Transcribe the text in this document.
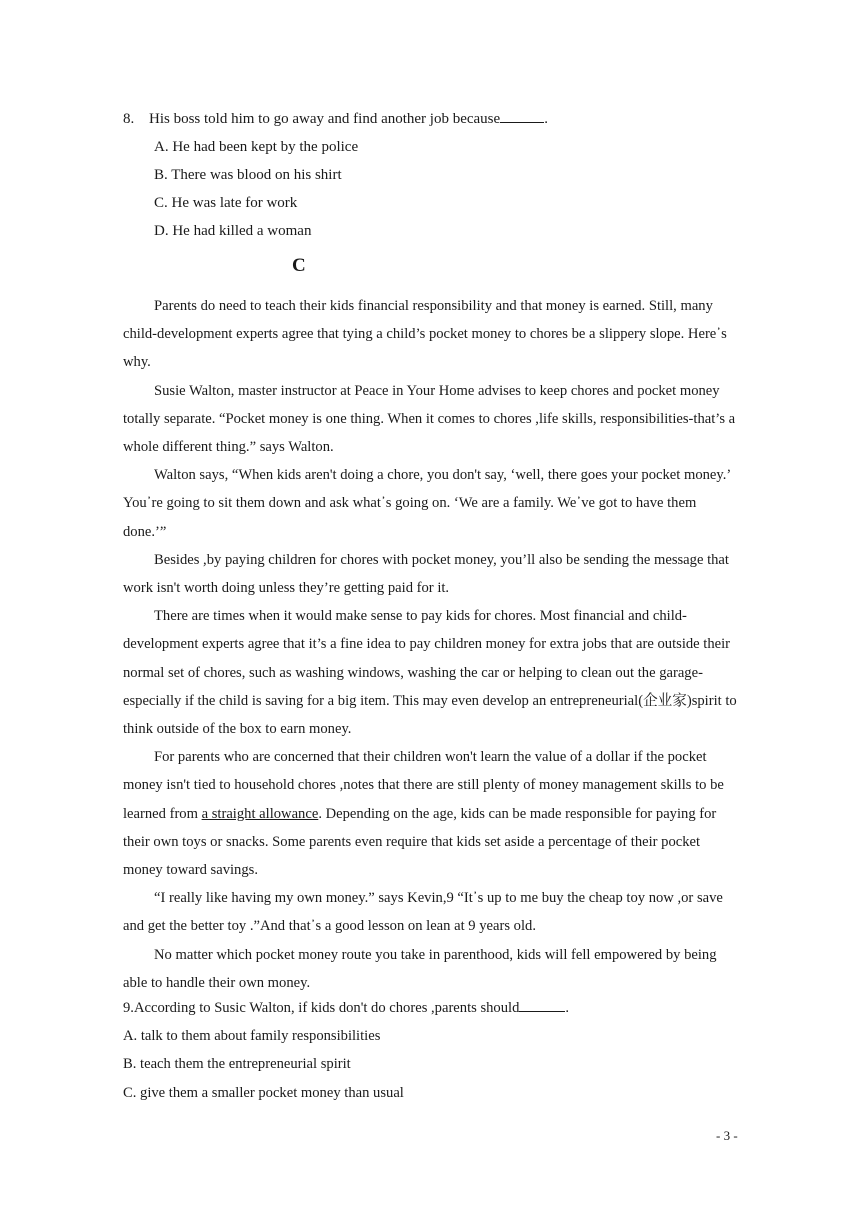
8. His boss told him to go away and find another job because	.
A. He had been kept by the police
B. There was blood on his shirt
C. He was late for work
D. He had killed a woman
C

Parents do need to teach their kids financial responsibility and that money is earned. Still, many child-development experts agree that tying a child’s pocket money to chores be a slippery slope. Here᾿s why.

Susie Walton, master instructor at Peace in Your Home advises to keep chores and pocket money totally separate. “Pocket money is one thing. When it comes to chores ,life skills, responsibilities-that’s a whole different thing.” says Walton.

Walton says, “When kids aren't doing a chore, you don't say, ‘well, there goes your pocket money.’ You᾿re going to sit them down and ask what᾿s going on. ‘We are a family. We᾿ve got to have them done.’”

Besides ,by paying children for chores with pocket money, you’ll also be sending the message that work isn't worth doing unless they’re getting paid for it.

There are times when it would make sense to pay kids for chores. Most financial and child-development experts agree that it’s a fine idea to pay children money for extra jobs that are outside their normal set of chores, such as washing windows, washing the car or helping to clean out the garage-especially if the child is saving for a big item. This may even develop an entrepreneurial(企业家)spirit to think outside of the box to earn money.

For parents who are concerned that their children won't learn the value of a dollar if the pocket money isn't tied to household chores ,notes that there are still plenty of money management skills to be learned from a straight allowance. Depending on the age, kids can be made responsible for paying for their own toys or snacks. Some parents even require that kids set aside a percentage of their pocket money toward savings.

“I really like having my own money.” says Kevin,9 “It᾿s up to me buy the cheap toy now ,or save and get the better toy .”And that᾿s a good lesson on lean at 9 years old.

No matter which pocket money route you take in parenthood, kids will fell empowered by being able to handle their own money.

9.According to Susic Walton, if kids don't do chores ,parents should	.
A. talk to them about family responsibilities
B. teach them the entrepreneurial spirit
C. give them a smaller pocket money than usual
- 3 -
